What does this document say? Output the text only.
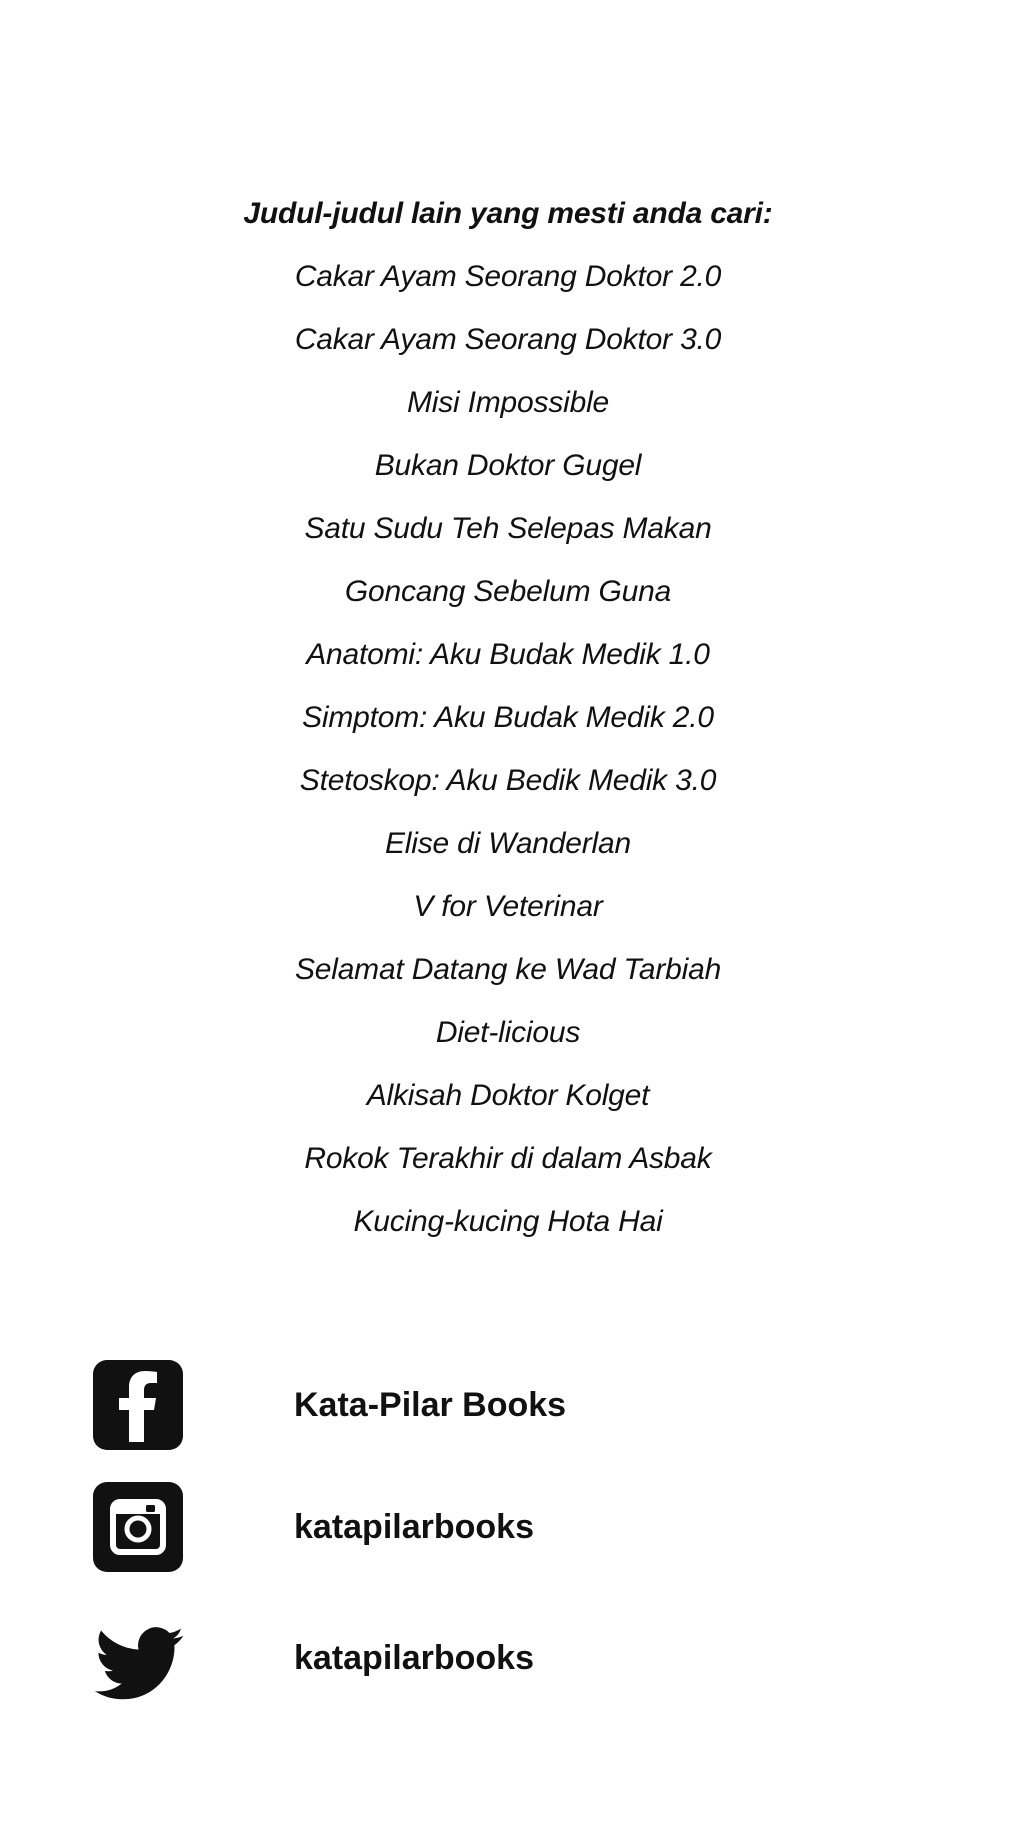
Judul-judul lain yang mesti anda cari:
Cakar Ayam Seorang Doktor 2.0
Cakar Ayam Seorang Doktor 3.0
Misi Impossible
Bukan Doktor Gugel
Satu Sudu Teh Selepas Makan
Goncang Sebelum Guna
Anatomi: Aku Budak Medik 1.0
Simptom: Aku Budak Medik 2.0
Stetoskop: Aku Bedik Medik 3.0
Elise di Wanderlan
V for Veterinar
Selamat Datang ke Wad Tarbiah
Diet-licious
Alkisah Doktor Kolget
Rokok Terakhir di dalam Asbak
Kucing-kucing Hota Hai
Kata-Pilar Books
katapilarbooks
katapilarbooks
